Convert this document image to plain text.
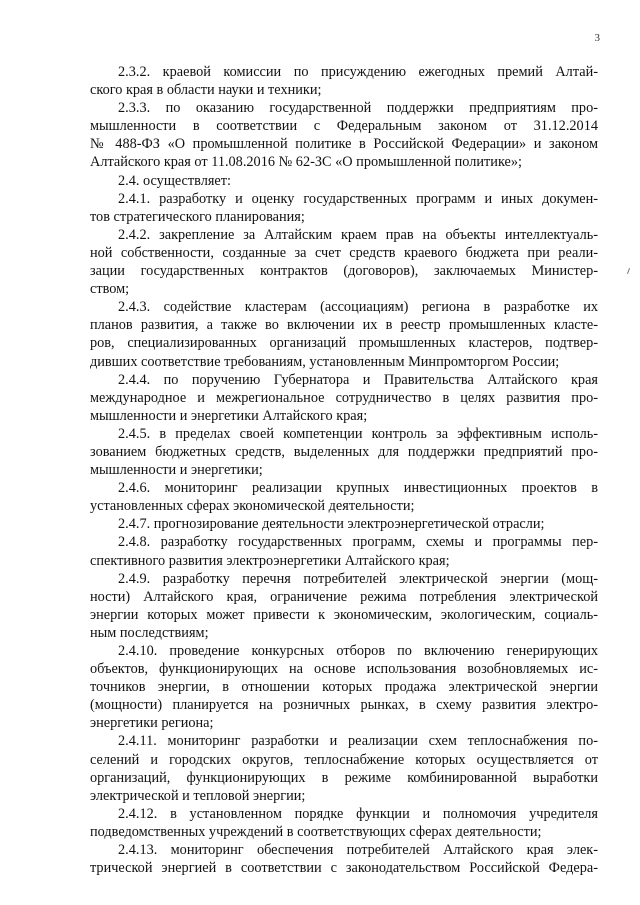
3
2.3.2. краевой комиссии по присуждению ежегодных премий Алтай-
ского края в области науки и техники;
2.3.3. по оказанию государственной поддержки предприятиям про-
мышленности в соответствии с Федеральным законом от 31.12.2014
№ 488-ФЗ «О промышленной политике в Российской Федерации» и законом
Алтайского края от 11.08.2016 № 62-ЗС «О промышленной политике»;
2.4. осуществляет:
2.4.1. разработку и оценку государственных программ и иных докумен-
тов стратегического планирования;
2.4.2. закрепление за Алтайским краем прав на объекты интеллектуаль-
ной собственности, созданные за счет средств краевого бюджета при реали-
зации государственных контрактов (договоров), заключаемых Министер-
ством;
2.4.3. содействие кластерам (ассоциациям) региона в разработке их
планов развития, а также во включении их в реестр промышленных класте-
ров, специализированных организаций промышленных кластеров, подтвер-
дивших соответствие требованиям, установленным Минпромторгом России;
2.4.4. по поручению Губернатора и Правительства Алтайского края
международное и межрегиональное сотрудничество в целях развития про-
мышленности и энергетики Алтайского края;
2.4.5. в пределах своей компетенции контроль за эффективным исполь-
зованием бюджетных средств, выделенных для поддержки предприятий про-
мышленности и энергетики;
2.4.6. мониторинг реализации крупных инвестиционных проектов в
установленных сферах экономической деятельности;
2.4.7. прогнозирование деятельности электроэнергетической отрасли;
2.4.8. разработку государственных программ, схемы и программы пер-
спективного развития электроэнергетики Алтайского края;
2.4.9. разработку перечня потребителей электрической энергии (мощ-
ности) Алтайского края, ограничение режима потребления электрической
энергии которых может привести к экономическим, экологическим, социаль-
ным последствиям;
2.4.10. проведение конкурсных отборов по включению генерирующих
объектов, функционирующих на основе использования возобновляемых ис-
точников энергии, в отношении которых продажа электрической энергии
(мощности) планируется на розничных рынках, в схему развития электро-
энергетики региона;
2.4.11. мониторинг разработки и реализации схем теплоснабжения по-
селений и городских округов, теплоснабжение которых осуществляется от
организаций, функционирующих в режиме комбинированной выработки
электрической и тепловой энергии;
2.4.12. в установленном порядке функции и полномочия учредителя
подведомственных учреждений в соответствующих сферах деятельности;
2.4.13. мониторинг обеспечения потребителей Алтайского края элек-
трической энергией в соответствии с законодательством Российской Федера-
